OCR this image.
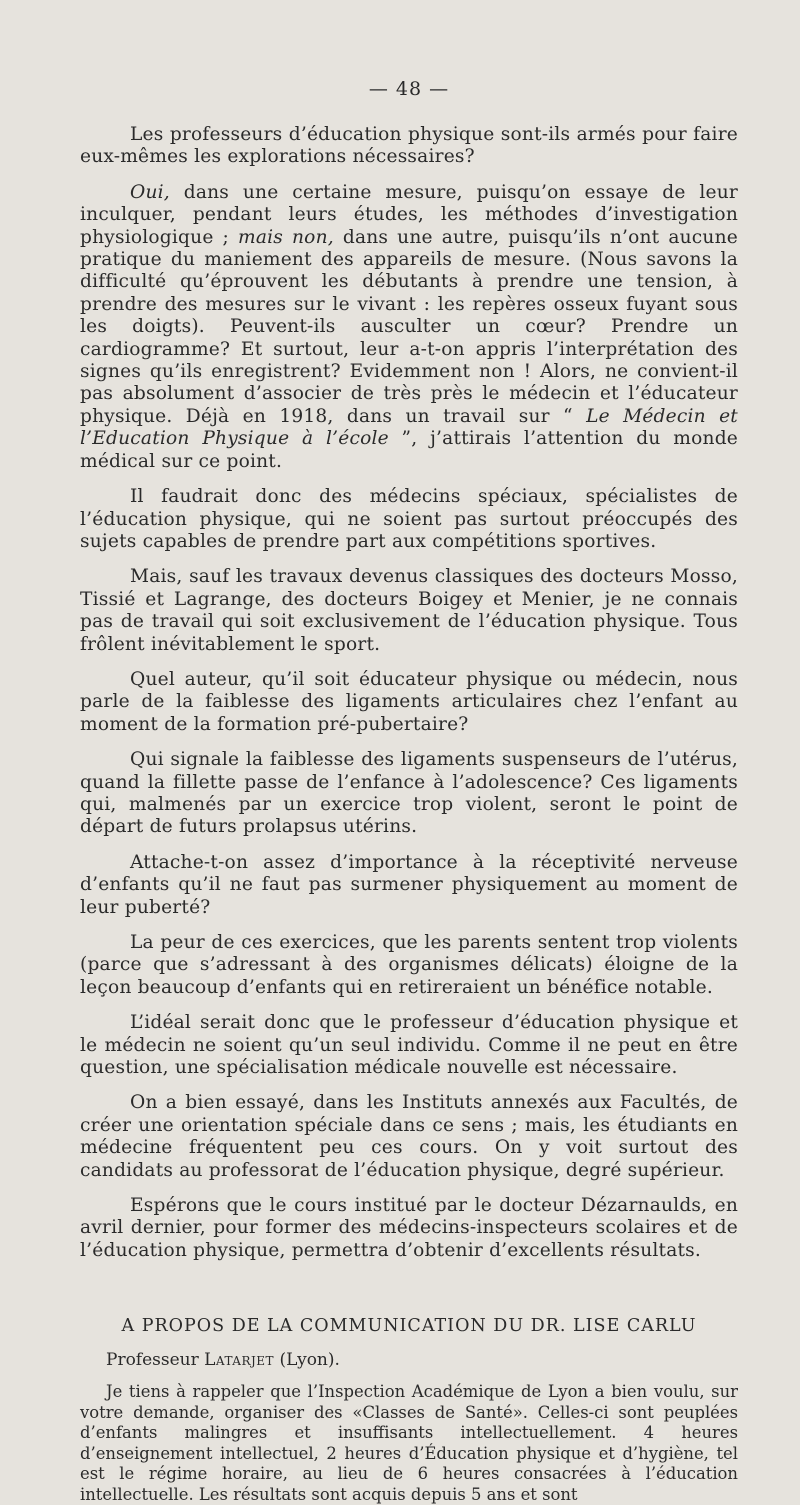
— 48 —

Les professeurs d’éducation physique sont-ils armés pour faire eux-mêmes les explorations nécessaires?

Oui, dans une certaine mesure, puisqu’on essaye de leur inculquer, pendant leurs études, les méthodes d’investigation physiologique ; mais non, dans une autre, puisqu’ils n’ont aucune pratique du maniement des appareils de mesure. (Nous savons la difficulté qu’éprouvent les débutants à prendre une tension, à prendre des mesures sur le vivant : les repères osseux fuyant sous les doigts). Peuvent-ils ausculter un cœur? Prendre un cardiogramme? Et surtout, leur a-t-on appris l’interprétation des signes qu’ils enregistrent? Evidemment non ! Alors, ne convient-il pas absolument d’associer de très près le médecin et l’éducateur physique. Déjà en 1918, dans un travail sur “ Le Médecin et l’Education Physique à l’école ”, j’attirais l’attention du monde médical sur ce point.

Il faudrait donc des médecins spéciaux, spécialistes de l’éducation physique, qui ne soient pas surtout préoccupés des sujets capables de prendre part aux compétitions sportives.

Mais, sauf les travaux devenus classiques des docteurs Mosso, Tissié et Lagrange, des docteurs Boigey et Menier, je ne connais pas de travail qui soit exclusivement de l’éducation physique. Tous frôlent inévitablement le sport.

Quel auteur, qu’il soit éducateur physique ou médecin, nous parle de la faiblesse des ligaments articulaires chez l’enfant au moment de la formation pré-pubertaire?

Qui signale la faiblesse des ligaments suspenseurs de l’utérus, quand la fillette passe de l’enfance à l’adolescence? Ces ligaments qui, malmenés par un exercice trop violent, seront le point de départ de futurs prolapsus utérins.

Attache-t-on assez d’importance à la réceptivité nerveuse d’enfants qu’il ne faut pas surmener physiquement au moment de leur puberté?

La peur de ces exercices, que les parents sentent trop violents (parce que s’adressant à des organismes délicats) éloigne de la leçon beaucoup d’enfants qui en retireraient un bénéfice notable.

L’idéal serait donc que le professeur d’éducation physique et le médecin ne soient qu’un seul individu. Comme il ne peut en être question, une spécialisation médicale nouvelle est nécessaire.

On a bien essayé, dans les Instituts annexés aux Facultés, de créer une orientation spéciale dans ce sens ; mais, les étudiants en médecine fréquentent peu ces cours. On y voit surtout des candidats au professorat de l’éducation physique, degré supérieur.

Espérons que le cours institué par le docteur Dézarnaulds, en avril dernier, pour former des médecins-inspecteurs scolaires et de l’éducation physique, permettra d’obtenir d’excellents résultats.

A PROPOS DE LA COMMUNICATION DU DR. LISE CARLU
Professeur Latarjet (Lyon).

Je tiens à rappeler que l’Inspection Académique de Lyon a bien voulu, sur votre demande, organiser des «Classes de Santé». Celles-ci sont peuplées d’enfants malingres et insuffisants intellectuellement. 4 heures d’enseignement intellectuel, 2 heures d’Éducation physique et d’hygiène, tel est le régime horaire, au lieu de 6 heures consacrées à l’éducation intellectuelle. Les résultats sont acquis depuis 5 ans et sont
